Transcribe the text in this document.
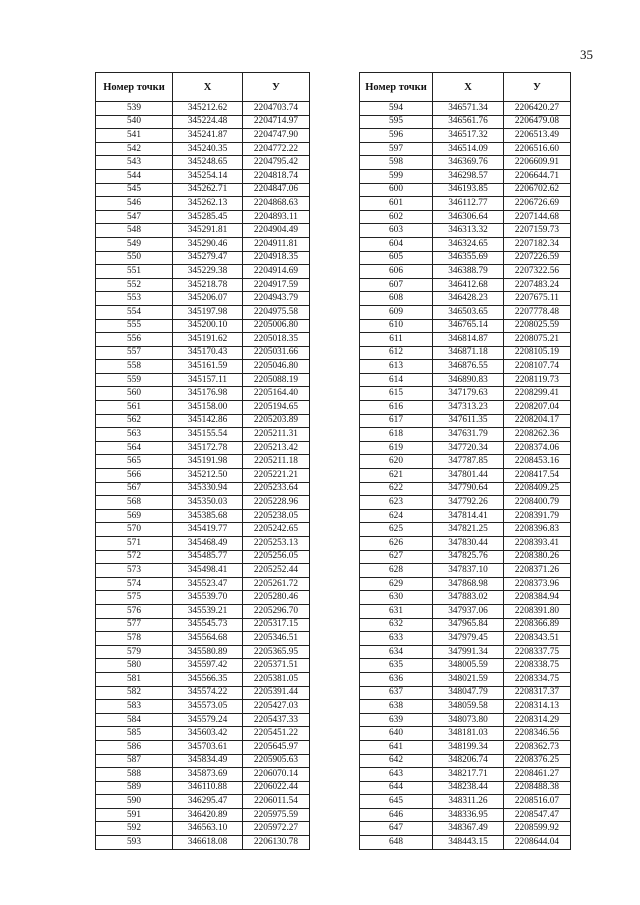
35
Номер точки	X	У
539	345212.62	2204703.74
540	345224.48	2204714.97
541	345241.87	2204747.90
542	345240.35	2204772.22
543	345248.65	2204795.42
544	345254.14	2204818.74
545	345262.71	2204847.06
546	345262.13	2204868.63
547	345285.45	2204893.11
548	345291.81	2204904.49
549	345290.46	2204911.81
550	345279.47	2204918.35
551	345229.38	2204914.69
552	345218.78	2204917.59
553	345206.07	2204943.79
554	345197.98	2204975.58
555	345200.10	2205006.80
556	345191.62	2205018.35
557	345170.43	2205031.66
558	345161.59	2205046.80
559	345157.11	2205088.19
560	345176.98	2205164.40
561	345158.00	2205194.65
562	345142.86	2205203.89
563	345155.54	2205211.31
564	345172.78	2205213.42
565	345191.98	2205211.18
566	345212.50	2205221.21
567	345330.94	2205233.64
568	345350.03	2205228.96
569	345385.68	2205238.05
570	345419.77	2205242.65
571	345468.49	2205253.13
572	345485.77	2205256.05
573	345498.41	2205252.44
574	345523.47	2205261.72
575	345539.70	2205280.46
576	345539.21	2205296.70
577	345545.73	2205317.15
578	345564.68	2205346.51
579	345580.89	2205365.95
580	345597.42	2205371.51
581	345566.35	2205381.05
582	345574.22	2205391.44
583	345573.05	2205427.03
584	345579.24	2205437.33
585	345603.42	2205451.22
586	345703.61	2205645.97
587	345834.49	2205905.63
588	345873.69	2206070.14
589	346110.88	2206022.44
590	346295.47	2206011.54
591	346420.89	2205975.59
592	346563.10	2205972.27
593	346618.08	2206130.78
Номер точки	X	У
594	346571.34	2206420.27
595	346561.76	2206479.08
596	346517.32	2206513.49
597	346514.09	2206516.60
598	346369.76	2206609.91
599	346298.57	2206644.71
600	346193.85	2206702.62
601	346112.77	2206726.69
602	346306.64	2207144.68
603	346313.32	2207159.73
604	346324.65	2207182.34
605	346355.69	2207226.59
606	346388.79	2207322.56
607	346412.68	2207483.24
608	346428.23	2207675.11
609	346503.65	2207778.48
610	346765.14	2208025.59
611	346814.87	2208075.21
612	346871.18	2208105.19
613	346876.55	2208107.74
614	346890.83	2208119.73
615	347179.63	2208299.41
616	347313.23	2208207.04
617	347611.35	2208204.17
618	347631.79	2208262.36
619	347720.34	2208374.06
620	347787.85	2208453.16
621	347801.44	2208417.54
622	347790.64	2208409.25
623	347792.26	2208400.79
624	347814.41	2208391.79
625	347821.25	2208396.83
626	347830.44	2208393.41
627	347825.76	2208380.26
628	347837.10	2208371.26
629	347868.98	2208373.96
630	347883.02	2208384.94
631	347937.06	2208391.80
632	347965.84	2208366.89
633	347979.45	2208343.51
634	347991.34	2208337.75
635	348005.59	2208338.75
636	348021.59	2208334.75
637	348047.79	2208317.37
638	348059.58	2208314.13
639	348073.80	2208314.29
640	348181.03	2208346.56
641	348199.34	2208362.73
642	348206.74	2208376.25
643	348217.71	2208461.27
644	348238.44	2208488.38
645	348311.26	2208516.07
646	348336.95	2208547.47
647	348367.49	2208599.92
648	348443.15	2208644.04
